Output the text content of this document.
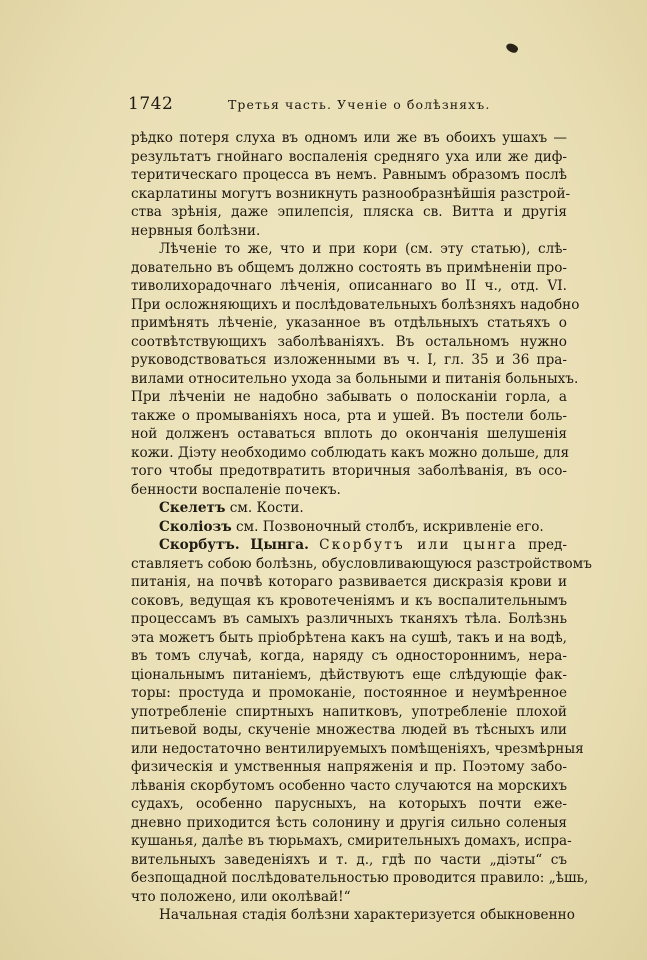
1742	Третья часть. Ученіе о болѣзняхъ.
рѣдко потеря слуха въ одномъ или же въ обоихъ ушахъ —
результатъ гнойнаго воспаленія средняго уха или же диф-
теритическаго процесса въ немъ. Равнымъ образомъ послѣ
скарлатины могутъ возникнуть разнообразнѣйшія разстрой-
ства зрѣнія, даже эпилепсія, пляска св. Витта и другія
нервныя болѣзни.
Лѣченіе то же, что и при кори (см. эту статью), слѣ-
довательно въ общемъ должно состоять въ примѣненіи про-
тиволихорадочнаго лѣченія, описаннаго во II ч., отд. VI.
При осложняющихъ и послѣдовательныхъ болѣзняхъ надобно
примѣнять лѣченіе, указанное въ отдѣльныхъ статьяхъ о
соотвѣтствующихъ заболѣваніяхъ. Въ остальномъ нужно
руководствоваться изложенными въ ч. I, гл. 35 и 36 пра-
вилами относительно ухода за больными и питанія больныхъ.
При лѣченіи не надобно забывать о полосканіи горла, а
также о промываніяхъ носа, рта и ушей. Въ постели боль-
ной долженъ оставаться вплоть до окончанія шелушенія
кожи. Діэту необходимо соблюдать какъ можно дольше, для
того чтобы предотвратить вторичныя заболѣванія, въ осо-
бенности воспаленіе почекъ.
Скелетъ см. Кости.
Сколіозъ см. Позвоночный столбъ, искривленіе его.
Скорбутъ. Цынга. Скорбутъ или цынга пред-
ставляетъ собою болѣзнь, обусловливающуюся разстройствомъ
питанія, на почвѣ котораго развивается дискразія крови и
соковъ, ведущая къ кровотеченіямъ и къ воспалительнымъ
процессамъ въ самыхъ различныхъ тканяхъ тѣла. Болѣзнь
эта можетъ быть пріобрѣтена какъ на сушѣ, такъ и на водѣ,
въ томъ случаѣ, когда, наряду съ одностороннимъ, нера-
ціональнымъ питаніемъ, дѣйствуютъ еще слѣдующіе фак-
торы: простуда и промоканіе, постоянное и неумѣренное
употребленіе спиртныхъ напитковъ, употребленіе плохой
питьевой воды, скученіе множества людей въ тѣсныхъ или
или недостаточно вентилируемыхъ помѣщеніяхъ, чрезмѣрныя
физическія и умственныя напряженія и пр. Поэтому забо-
лѣванія скорбутомъ особенно часто случаются на морскихъ
судахъ, особенно парусныхъ, на которыхъ почти еже-
дневно приходится ѣсть солонину и другія сильно соленыя
кушанья, далѣе въ тюрьмахъ, смирительныхъ домахъ, испра-
вительныхъ заведеніяхъ и т. д., гдѣ по части „діэты“ съ
безпощадной послѣдовательностью проводится правило: „ѣшь,
что положено, или околѣвай!“
Начальная стадія болѣзни характеризуется обыкновенно
